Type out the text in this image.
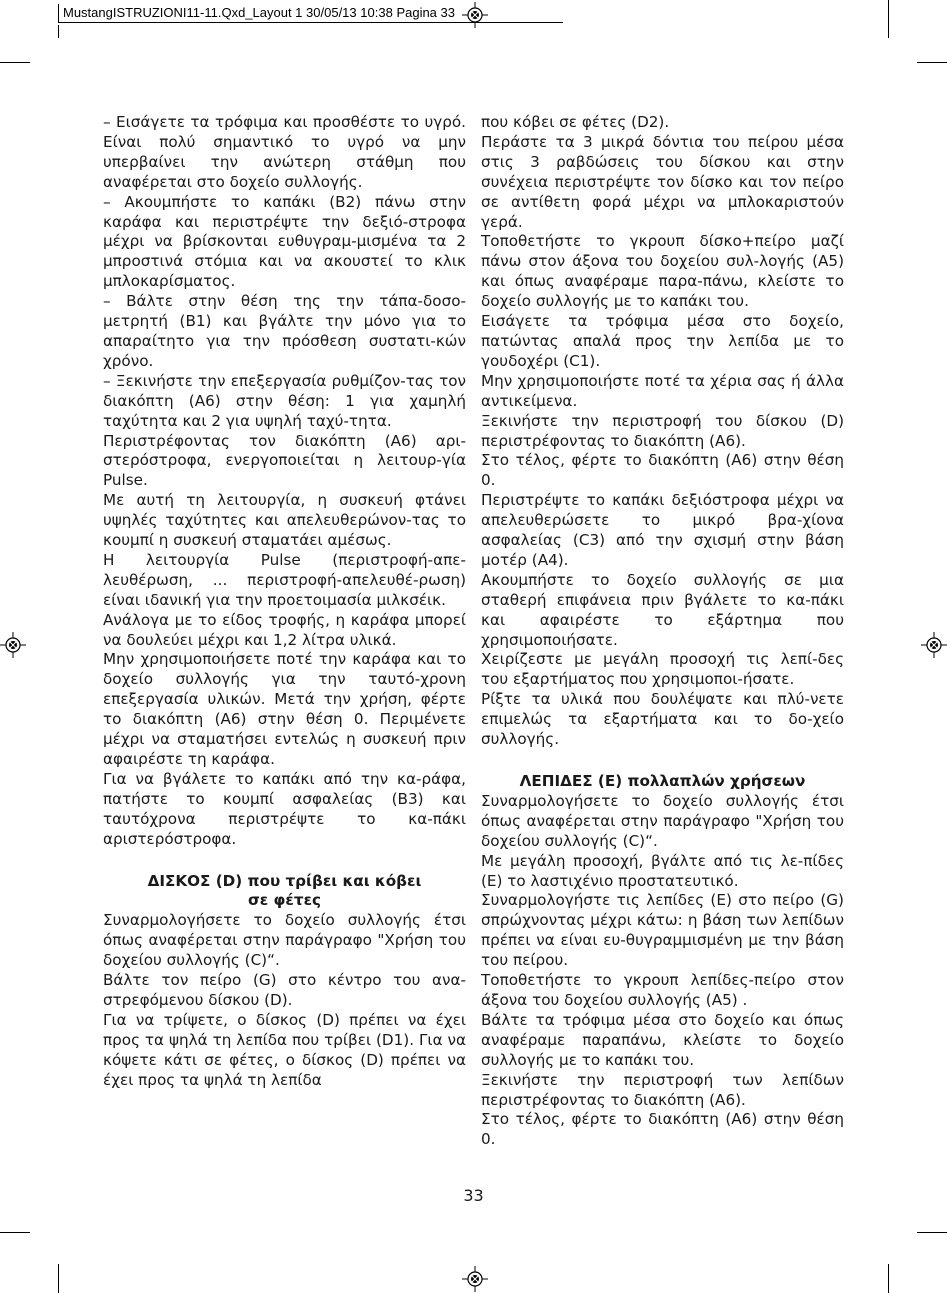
MustangISTRUZIONI11-11.Qxd_Layout 1 30/05/13 10:38 Pagina 33

– Εισάγετε τα τρόφιμα και προσθέστε το υγρό. Είναι πολύ σημαντικό το υγρό να μην υπερβαίνει την ανώτερη στάθμη που αναφέρεται στο δοχείο συλλογής.

– Ακουμπήστε το καπάκι (B2) πάνω στην καράφα και περιστρέψτε την δεξιό-στροφα μέχρι να βρίσκονται ευθυγραμ-μισμένα τα 2 μπροστινά στόμια και να ακουστεί το κλικ μπλοκαρίσματος.

– Βάλτε στην θέση της την τάπα-δοσο-μετρητή (B1) και βγάλτε την μόνο για το απαραίτητο για την πρόσθεση συστατι-κών χρόνο.

– Ξεκινήστε την επεξεργασία ρυθμίζον-τας τον διακόπτη (A6) στην θέση: 1 για χαμηλή ταχύτητα και 2 για υψηλή ταχύ-τητα.

Περιστρέφοντας τον διακόπτη (A6) αρι-στερόστροφα, ενεργοποιείται η λειτουρ-γία Pulse.

Με αυτή τη λειτουργία, η συσκευή φτάνει υψηλές ταχύτητες και απελευθερώνον-τας το κουμπί η συσκευή σταματάει αμέσως.

Η λειτουργία Pulse (περιστροφή-απε-λευθέρωση, ... περιστροφή-απελευθέ-ρωση) είναι ιδανική για την προετοιμασία μιλκσέικ.

Ανάλογα με το είδος τροφής, η καράφα μπορεί να δουλεύει μέχρι και 1,2 λίτρα υλικά.

Μην χρησιμοποιήσετε ποτέ την καράφα και το δοχείο συλλογής για την ταυτό-χρονη επεξεργασία υλικών. Μετά την χρήση, φέρτε το διακόπτη (A6) στην θέση 0. Περιμένετε μέχρι να σταματήσει εντελώς η συσκευή πριν αφαιρέστε τη καράφα.

Για να βγάλετε το καπάκι από την κα-ράφα, πατήστε το κουμπί ασφαλείας (B3) και ταυτόχρονα περιστρέψτε το κα-πάκι αριστερόστροφα.

ΔΙΣΚΟΣ (D) που τρίβει και κόβει
σε φέτες

Συναρμολογήσετε το δοχείο συλλογής έτσι όπως αναφέρεται στην παράγραφο "Χρήση του δοχείου συλλογής (C)“.

Βάλτε τον πείρο (G) στο κέντρο του ανα-στρεφόμενου δίσκου (D).

Για να τρίψετε, ο δίσκος (D) πρέπει να έχει προς τα ψηλά τη λεπίδα που τρίβει (D1). Για να κόψετε κάτι σε φέτες, ο δίσκος (D) πρέπει να έχει προς τα ψηλά τη λεπίδα

που κόβει σε φέτες (D2).

Περάστε τα 3 μικρά δόντια του πείρου μέσα στις 3 ραβδώσεις του δίσκου και στην συνέχεια περιστρέψτε τον δίσκο και τον πείρο σε αντίθετη φορά μέχρι να μπλοκαριστούν γερά.

Τοποθετήστε το γκρουπ δίσκο+πείρο μαζί πάνω στον άξονα του δοχείου συλ-λογής (A5) και όπως αναφέραμε παρα-πάνω, κλείστε το δοχείο συλλογής με το καπάκι του.

Εισάγετε τα τρόφιμα μέσα στο δοχείο, πατώντας απαλά προς την λεπίδα με το γουδοχέρι (C1).

Μην χρησιμοποιήστε ποτέ τα χέρια σας ή άλλα αντικείμενα.

Ξεκινήστε την περιστροφή του δίσκου (D) περιστρέφοντας το διακόπτη (A6).

Στο τέλος, φέρτε το διακόπτη (A6) στην θέση 0.

Περιστρέψτε το καπάκι δεξιόστροφα μέχρι να απελευθερώσετε το μικρό βρα-χίονα ασφαλείας (C3) από την σχισμή στην βάση μοτέρ (A4).

Ακουμπήστε το δοχείο συλλογής σε μια σταθερή επιφάνεια πριν βγάλετε το κα-πάκι και αφαιρέστε το εξάρτημα που χρησιμοποιήσατε.

Χειρίζεστε με μεγάλη προσοχή τις λεπί-δες του εξαρτήματος που χρησιμοποι-ήσατε.

Ρίξτε τα υλικά που δουλέψατε και πλύ-νετε επιμελώς τα εξαρτήματα και το δο-χείο συλλογής.

ΛΕΠΙΔΕΣ (E) πολλαπλών χρήσεων

Συναρμολογήσετε το δοχείο συλλογής έτσι όπως αναφέρεται στην παράγραφο "Χρήση του δοχείου συλλογής (C)“.

Με μεγάλη προσοχή, βγάλτε από τις λε-πίδες (E) το λαστιχένιο προστατευτικό.

Συναρμολογήστε τις λεπίδες (E) στο πείρο (G) σπρώχνοντας μέχρι κάτω: η βάση των λεπίδων πρέπει να είναι ευ-θυγραμμισμένη με την βάση του πείρου.

Τοποθετήστε το γκρουπ λεπίδες-πείρο στον άξονα του δοχείου συλλογής (A5) .

Βάλτε τα τρόφιμα μέσα στο δοχείο και όπως αναφέραμε παραπάνω, κλείστε το δοχείο συλλογής με το καπάκι του.

Ξεκινήστε την περιστροφή των λεπίδων περιστρέφοντας το διακόπτη (A6).

Στο τέλος, φέρτε το διακόπτη (A6) στην θέση 0.

33
